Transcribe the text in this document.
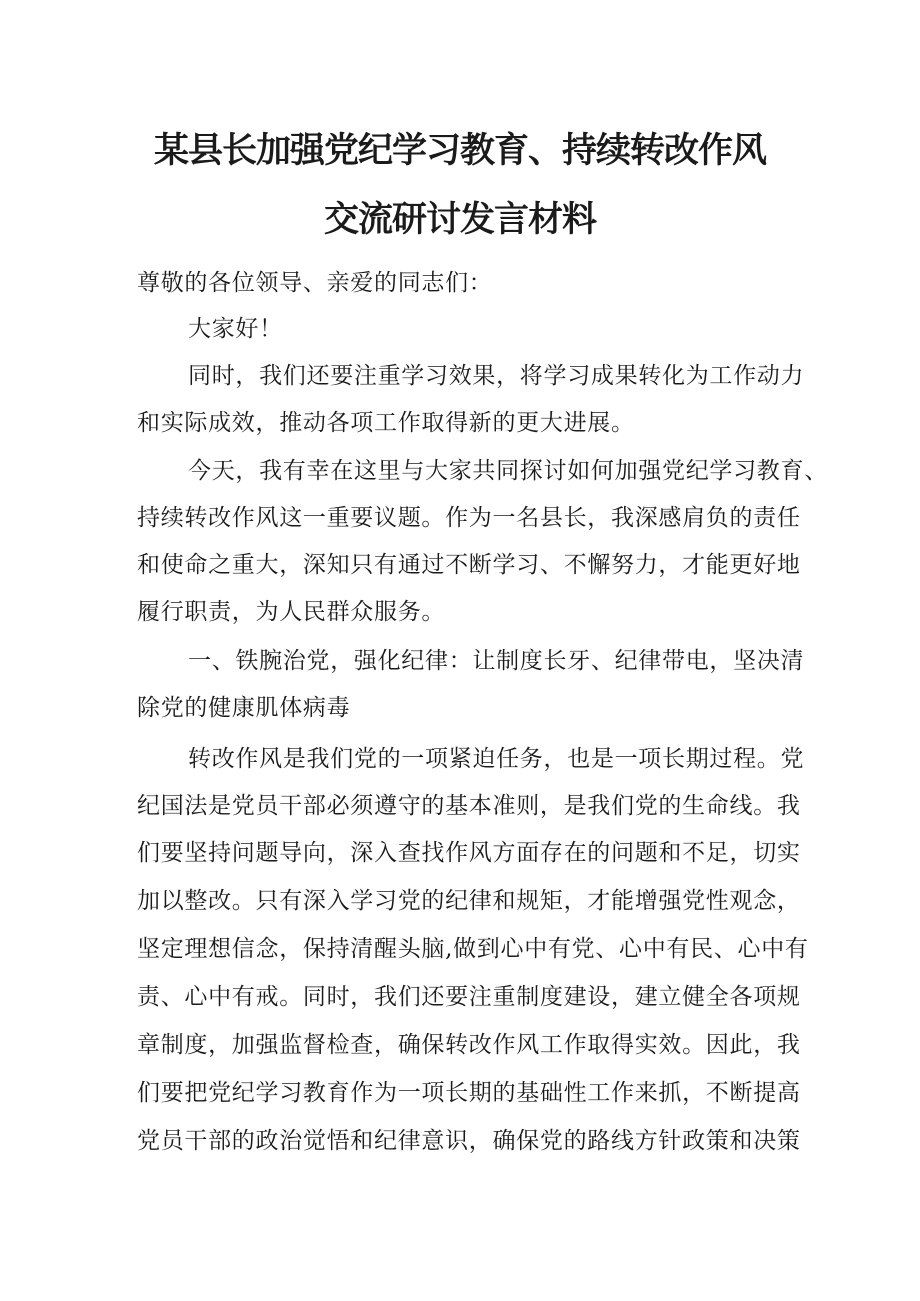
某县长加强党纪学习教育、持续转改作风
交流研讨发言材料
尊敬的各位领导、亲爱的同志们：
大家好！
同时，我们还要注重学习效果，将学习成果转化为工作动力
和实际成效，推动各项工作取得新的更大进展。
今天，我有幸在这里与大家共同探讨如何加强党纪学习教育、
持续转改作风这一重要议题。作为一名县长，我深感肩负的责任
和使命之重大，深知只有通过不断学习、不懈努力，才能更好地
履行职责，为人民群众服务。
一、铁腕治党，强化纪律：让制度长牙、纪律带电，坚决清
除党的健康肌体病毒
转改作风是我们党的一项紧迫任务，也是一项长期过程。党
纪国法是党员干部必须遵守的基本准则，是我们党的生命线。我
们要坚持问题导向，深入查找作风方面存在的问题和不足，切实
加以整改。只有深入学习党的纪律和规矩，才能增强党性观念，
坚定理想信念，保持清醒头脑,做到心中有党、心中有民、心中有
责、心中有戒。同时，我们还要注重制度建设，建立健全各项规
章制度，加强监督检查，确保转改作风工作取得实效。因此，我
们要把党纪学习教育作为一项长期的基础性工作来抓，不断提高
党员干部的政治觉悟和纪律意识，确保党的路线方针政策和决策
